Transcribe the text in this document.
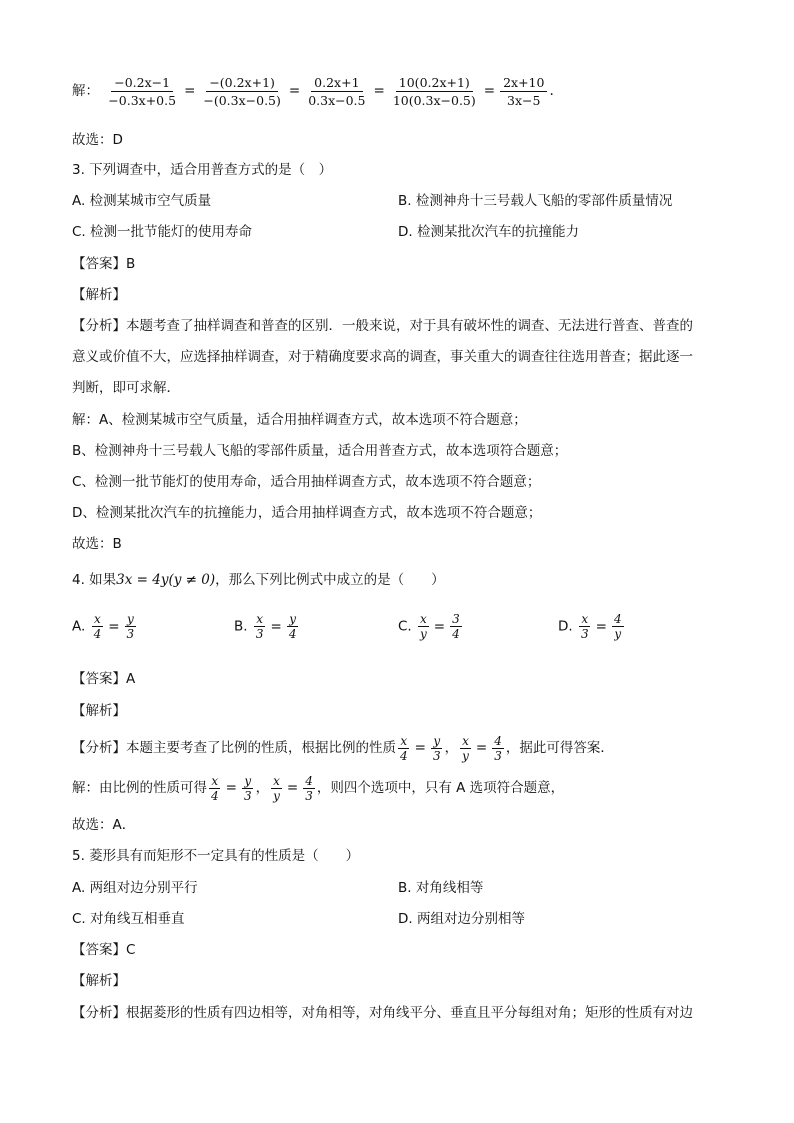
解： $\frac{-0.2x-1}{-0.3x+0.5} = \frac{-(0.2x+1)}{-(0.3x-0.5)} = \frac{0.2x+1}{0.3x-0.5} = \frac{10(0.2x+1)}{10(0.3x-0.5)} = \frac{2x+10}{3x-5}$ .
故选：D
3. 下列调查中，适合用普查方式的是（　）
A. 检测某城市空气质量	B. 检测神舟十三号载人飞船的零部件质量情况
C. 检测一批节能灯的使用寿命	D. 检测某批次汽车的抗撞能力
【答案】B
【解析】
【分析】本题考查了抽样调查和普查的区别．一般来说，对于具有破坏性的调查、无法进行普查、普查的
意义或价值不大，应选择抽样调查，对于精确度要求高的调查，事关重大的调查往往选用普查；据此逐一
判断，即可求解．
解：A、检测某城市空气质量，适合用抽样调查方式，故本选项不符合题意；
B、检测神舟十三号载人飞船的零部件质量，适合用普查方式，故本选项符合题意；
C、检测一批节能灯的使用寿命，适合用抽样调查方式，故本选项不符合题意；
D、检测某批次汽车的抗撞能力，适合用抽样调查方式，故本选项不符合题意；
故选：B
4. 如果3x = 4y(y ≠ 0)，那么下列比例式中成立的是（　　）
A. $\frac{x}{4} = \frac{y}{3}$	B. $\frac{x}{3} = \frac{y}{4}$	C. $\frac{x}{y} = \frac{3}{4}$	D. $\frac{x}{3} = \frac{4}{y}$
【答案】A
【解析】
【分析】本题主要考查了比例的性质，根据比例的性质 $\frac{x}{4} = \frac{y}{3}$ ， $\frac{x}{y} = \frac{4}{3}$ ，据此可得答案．
解：由比例的性质可得 $\frac{x}{4} = \frac{y}{3}$ ， $\frac{x}{y} = \frac{4}{3}$ ，则四个选项中，只有 A 选项符合题意，
故选：A．
5. 菱形具有而矩形不一定具有的性质是（　　）
A. 两组对边分别平行	B. 对角线相等
C. 对角线互相垂直	D. 两组对边分别相等
【答案】C
【解析】
【分析】根据菱形的性质有四边相等，对角相等，对角线平分、垂直且平分每组对角；矩形的性质有对边
